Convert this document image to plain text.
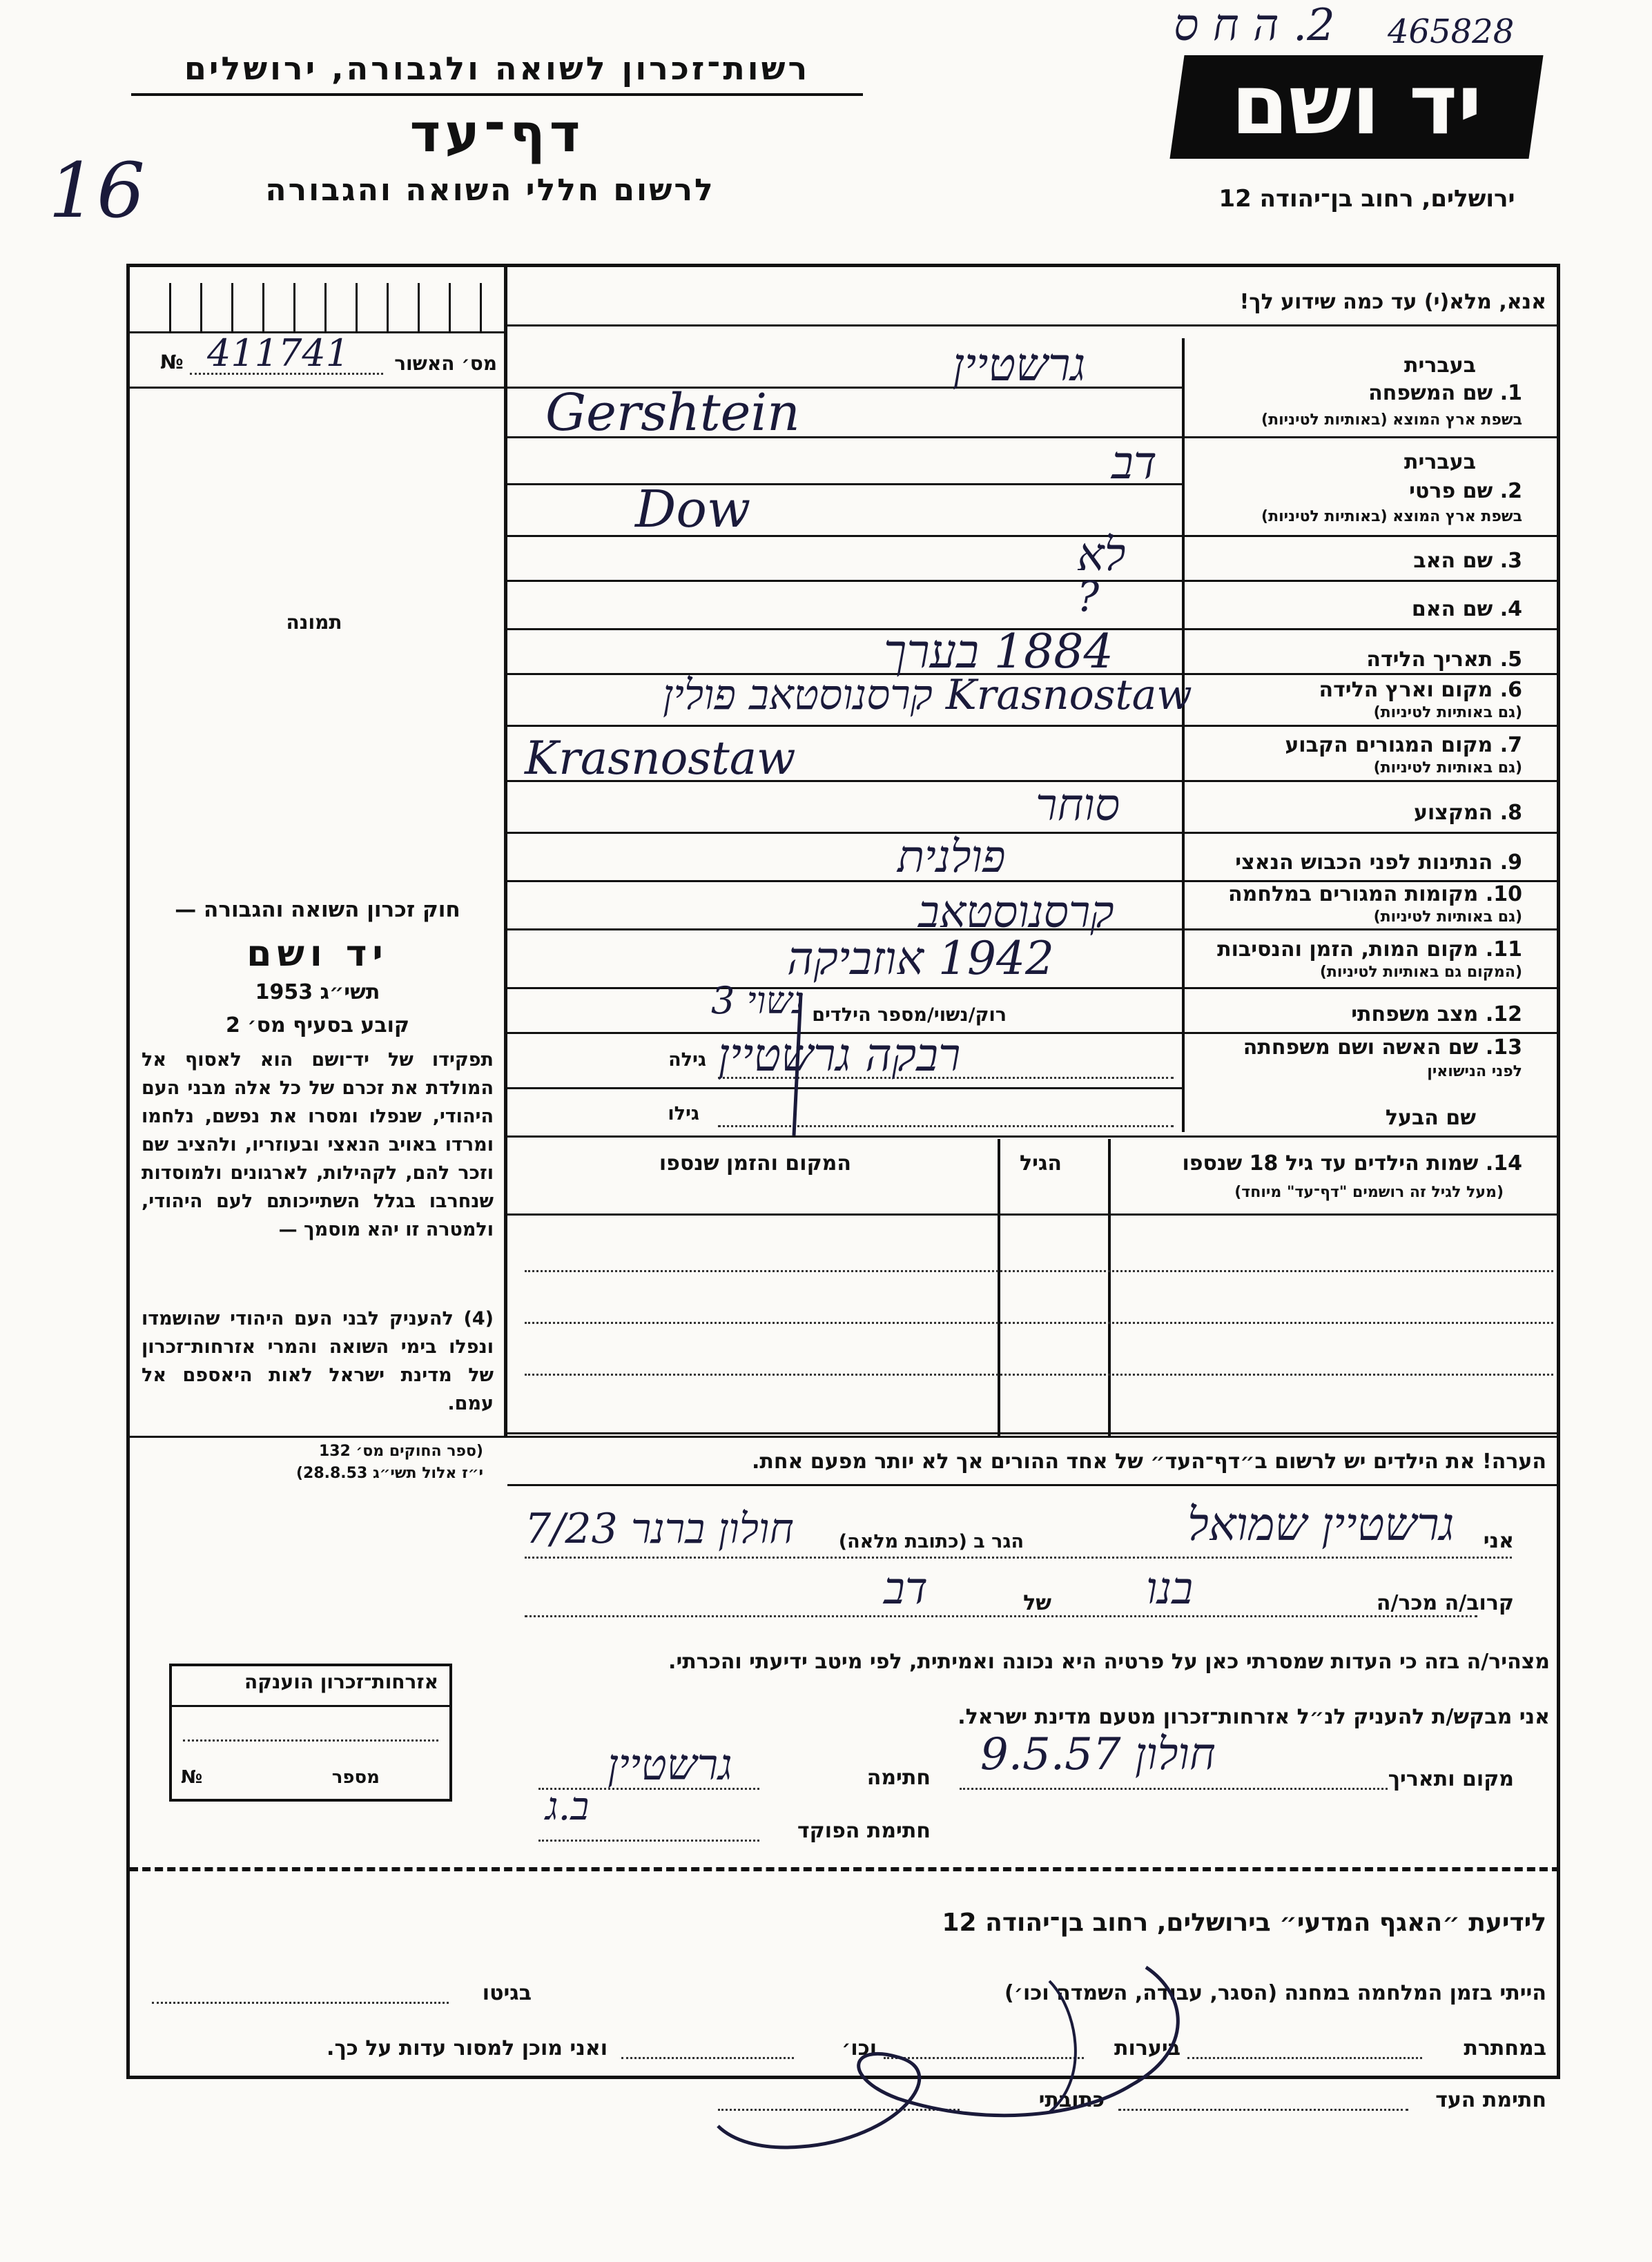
465828
2. ה ח ס
רשות־זכרון לשואה ולגבורה, ירושלים
דף־עד
לרשום חללי השואה והגבורה
16
יד ושם
ירושלים, רחוב בן־יהודה 12
אנא, מלא(י) עד כמה שידוע לך!
מס׳ האשור
№ 411741
תמונה
בעברית
1. שם המשפחה
בשפת ארץ המוצא (באותיות לטיניות)
גרשטיין
Gershtein
בעברית
2. שם פרטי
בשפת ארץ המוצא (באותיות לטיניות)
דב
Dow
3. שם האב
לא
4. שם האם
?
5. תאריך הלידה
1884 בערך
6. מקום וארץ הלידה
(גם באותיות לטיניות)
קרסנוסטאב פולין Krasnostaw
7. מקום המגורים הקבוע
(גם באותיות לטיניות)
Krasnostaw
8. המקצוע
סוחר
9. הנתינות לפני הכבוש הנאצי
פולנית
10. מקומות המגורים במלחמה
(גם באותיות לטיניות)
קרסנוסטאב
11. מקום המות, הזמן והנסיבות
(המקום גם באותיות לטיניות)
1942 אוזביקה
12. מצב משפחתי
רוק/נשוי/מספר הילדים
נשוי 3
13. שם האשה ושם משפחתה
לפני הנישואין
גילה רבקה גרשטיין
שם הבעל
גילו
14. שמות הילדים עד גיל 18 שנספו
(מעל לגיל זה רושמים "דף־עד" מיוחד)
הגיל
המקום והזמן שנספו
חוק זכרון השואה והגבורה —
יד ושם
תשי״ג 1953
קובע בסעיף מס׳ 2
תפקידו של יד־ושם הוא לאסוף אל המולדת את זכרם של כל אלה מבני העם היהודי, שנפלו ומסרו את נפשם, נלחמו ומרדו באויב הנאצי ובעוזריו, ולהציב שם וזכר להם, לקהילות, לארגונים ולמוסדות שנחרבו בגלל השתייכותם לעם היהודי, ולמטרה זו יהא מוסמך —
(4) להעניק לבני העם היהודי שהושמדו ונפלו בימי השואה והמרי אזרחות־זכרון של מדינת ישראל לאות היאספם אל עמם.
(ספר החוקים מס׳ 132
י״ז אלול תשי״ג 28.8.53)	הערה! את הילדים יש לרשום ב״דף־העד״ של אחד ההורים אך לא יותר מפעם אחת.
אני
גרשטיין שמואל
הגר ב (כתובת מלאה)
חולון ברנר 7/23
קרוב/ה מכר/ה
בנו
של
דב
מצהיר/ה בזה כי העדות שמסרתי כאן על פרטיה היא נכונה ואמיתית, לפי מיטב ידיעתי והכרתי.
אני מבקש/ת להעניק לנ״ל אזרחות־זכרון מטעם מדינת ישראל.
מקום ותאריך
חולון 9.5.57
חתימה
גרשטיין
חתימת הפוקד
ב.ג
אזרחות־זכרון הוענקה
מספר
№
לידיעת ״האגף המדעי״ בירושלים, רחוב בן־יהודה 12
הייתי בזמן המלחמה במחנה (הסגר, עבודה, השמדה וכו׳)
בגיטו
במחתרת
ביערות
וכו׳
ואני מוכן למסור עדות על כך.
חתימת העד
כתובתי
